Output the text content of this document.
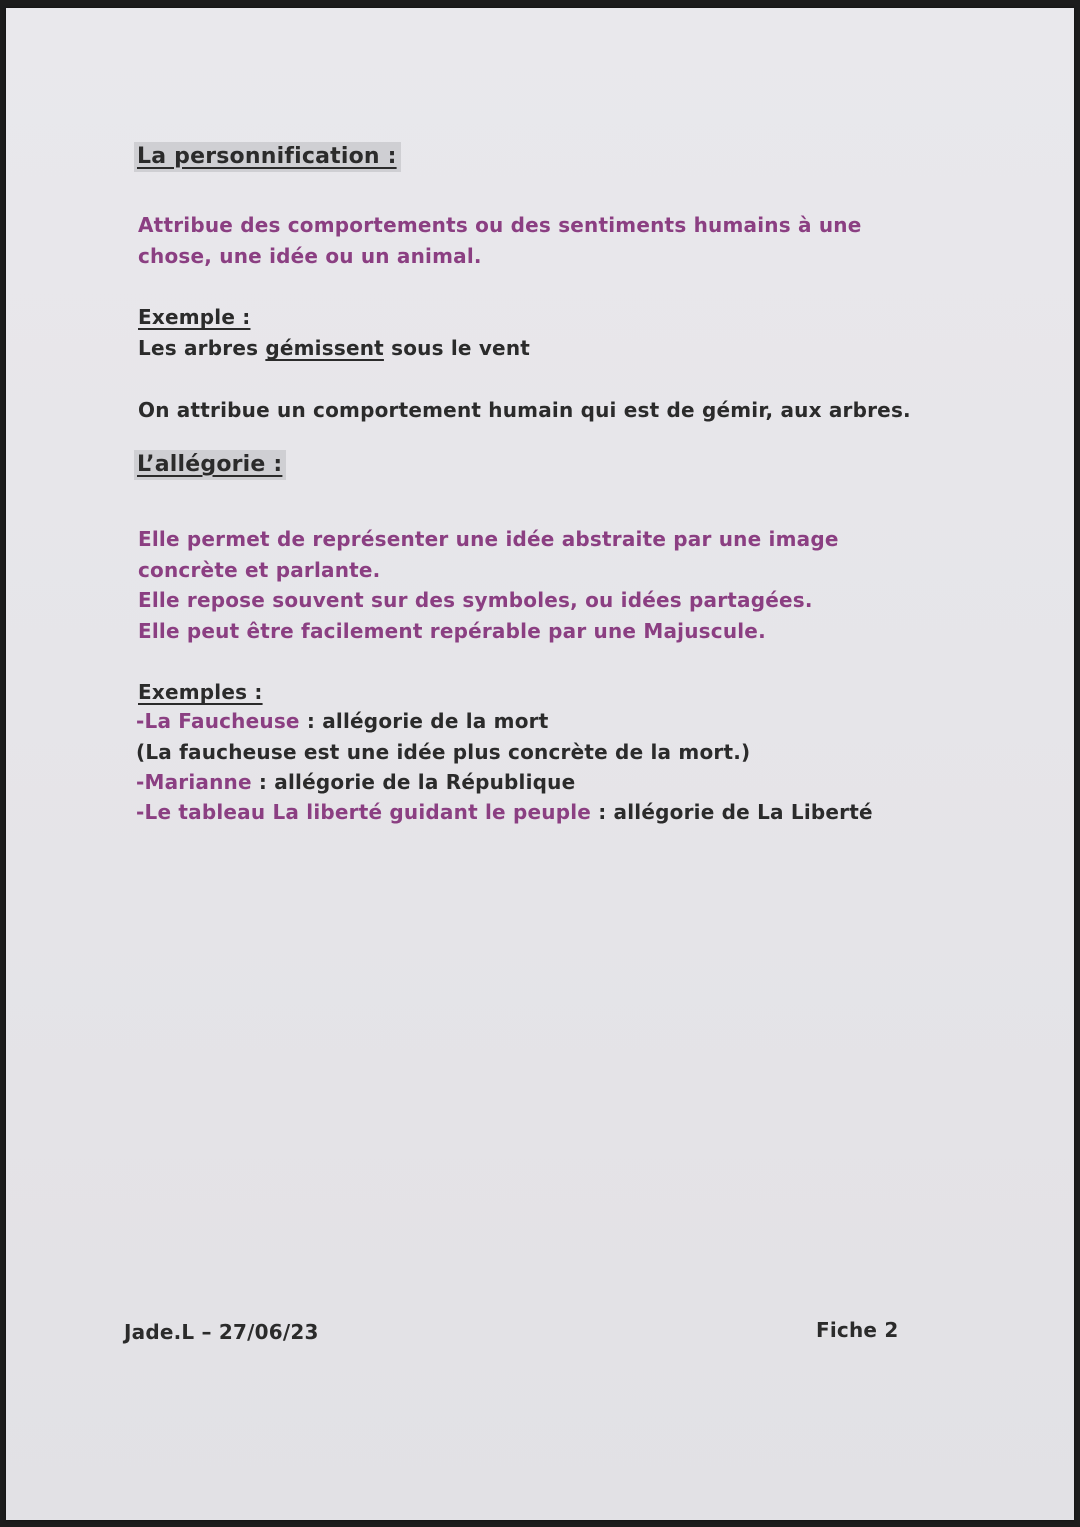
La personnification :
Attribue des comportements ou des sentiments humains à une
chose, une idée ou un animal.
Exemple :
Les arbres gémissent sous le vent
On attribue un comportement humain qui est de gémir, aux arbres.
L’allégorie :
Elle permet de représenter une idée abstraite par une image
concrète et parlante.
Elle repose souvent sur des symboles, ou idées partagées.
Elle peut être facilement repérable par une Majuscule.
Exemples :
-La Faucheuse : allégorie de la mort
(La faucheuse est une idée plus concrète de la mort.)
-Marianne : allégorie de la République
-Le tableau La liberté guidant le peuple : allégorie de La Liberté
Jade.L – 27/06/23	Fiche 2
